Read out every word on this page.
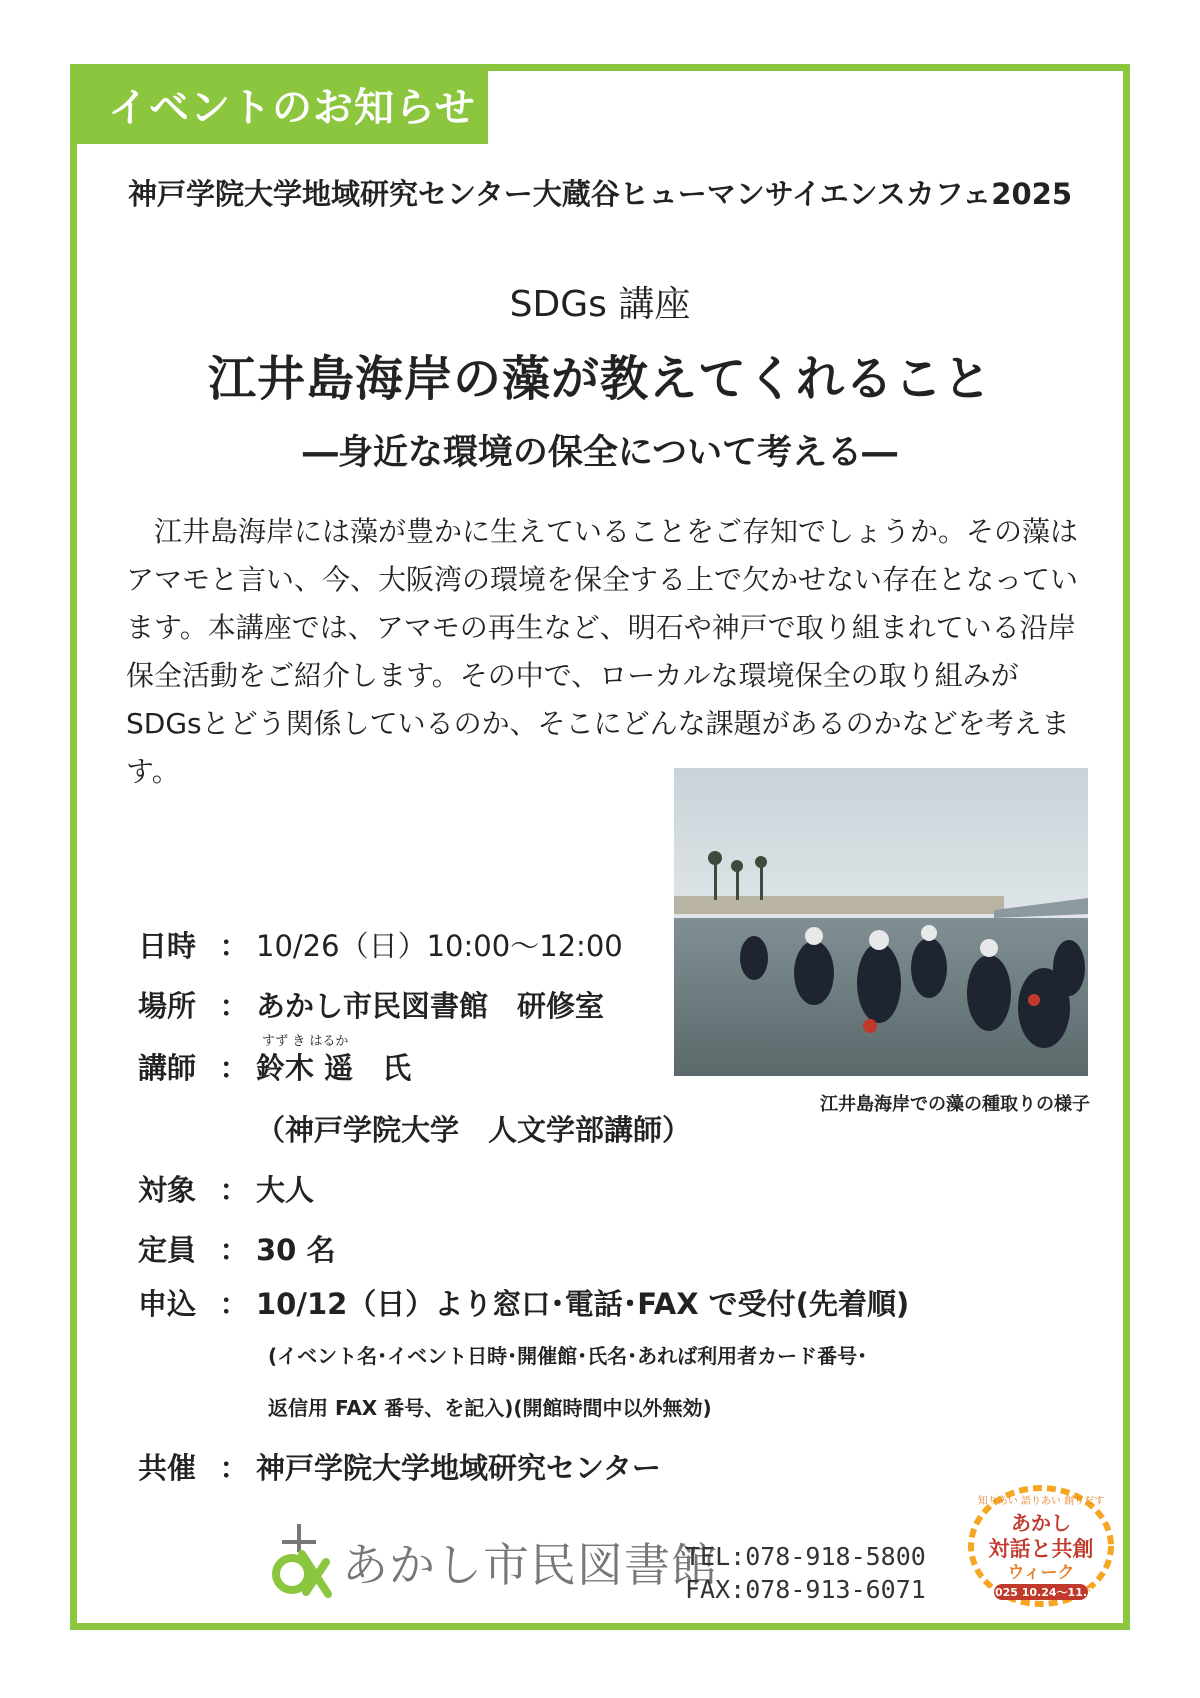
イベントのお知らせ
神戸学院大学地域研究センター大蔵谷ヒューマンサイエンスカフェ2025
SDGs 講座
江井島海岸の藻が教えてくれること
―身近な環境の保全について考える―

江井島海岸には藻が豊かに生えていることをご存知でしょうか。その藻はアマモと言い、今、大阪湾の環境を保全する上で欠かせない存在となっています。本講座では、アマモの再生など、明石や神戸で取り組まれている沿岸保全活動をご紹介します。その中で、ローカルな環境保全の取り組みが SDGsとどう関係しているのか、そこにどんな課題があるのかなどを考えます。

江井島海岸での藻の種取りの様子
日時 ： 10/26（日）10:00～12:00
場所 ： あかし市民図書館　研修室
すず き はるか
講師 ： 鈴木 遥　氏
（神戸学院大学　人文学部講師）
対象 ： 大人
定員 ： 30 名
申込 ： 10/12（日）より窓口･電話･FAX で受付(先着順)
(イベント名･イベント日時･開催館･氏名･あれば利用者カード番号･
返信用 FAX 番号、を記入)(開館時間中以外無効)
共催 ： 神戸学院大学地域研究センター
あかし市民図書館
TEL:078-918-5800
FAX:078-913-6071
知りあい 語りあい 創りだす
あかし
対話と共創
ウィーク
2025 10.24～11.1
